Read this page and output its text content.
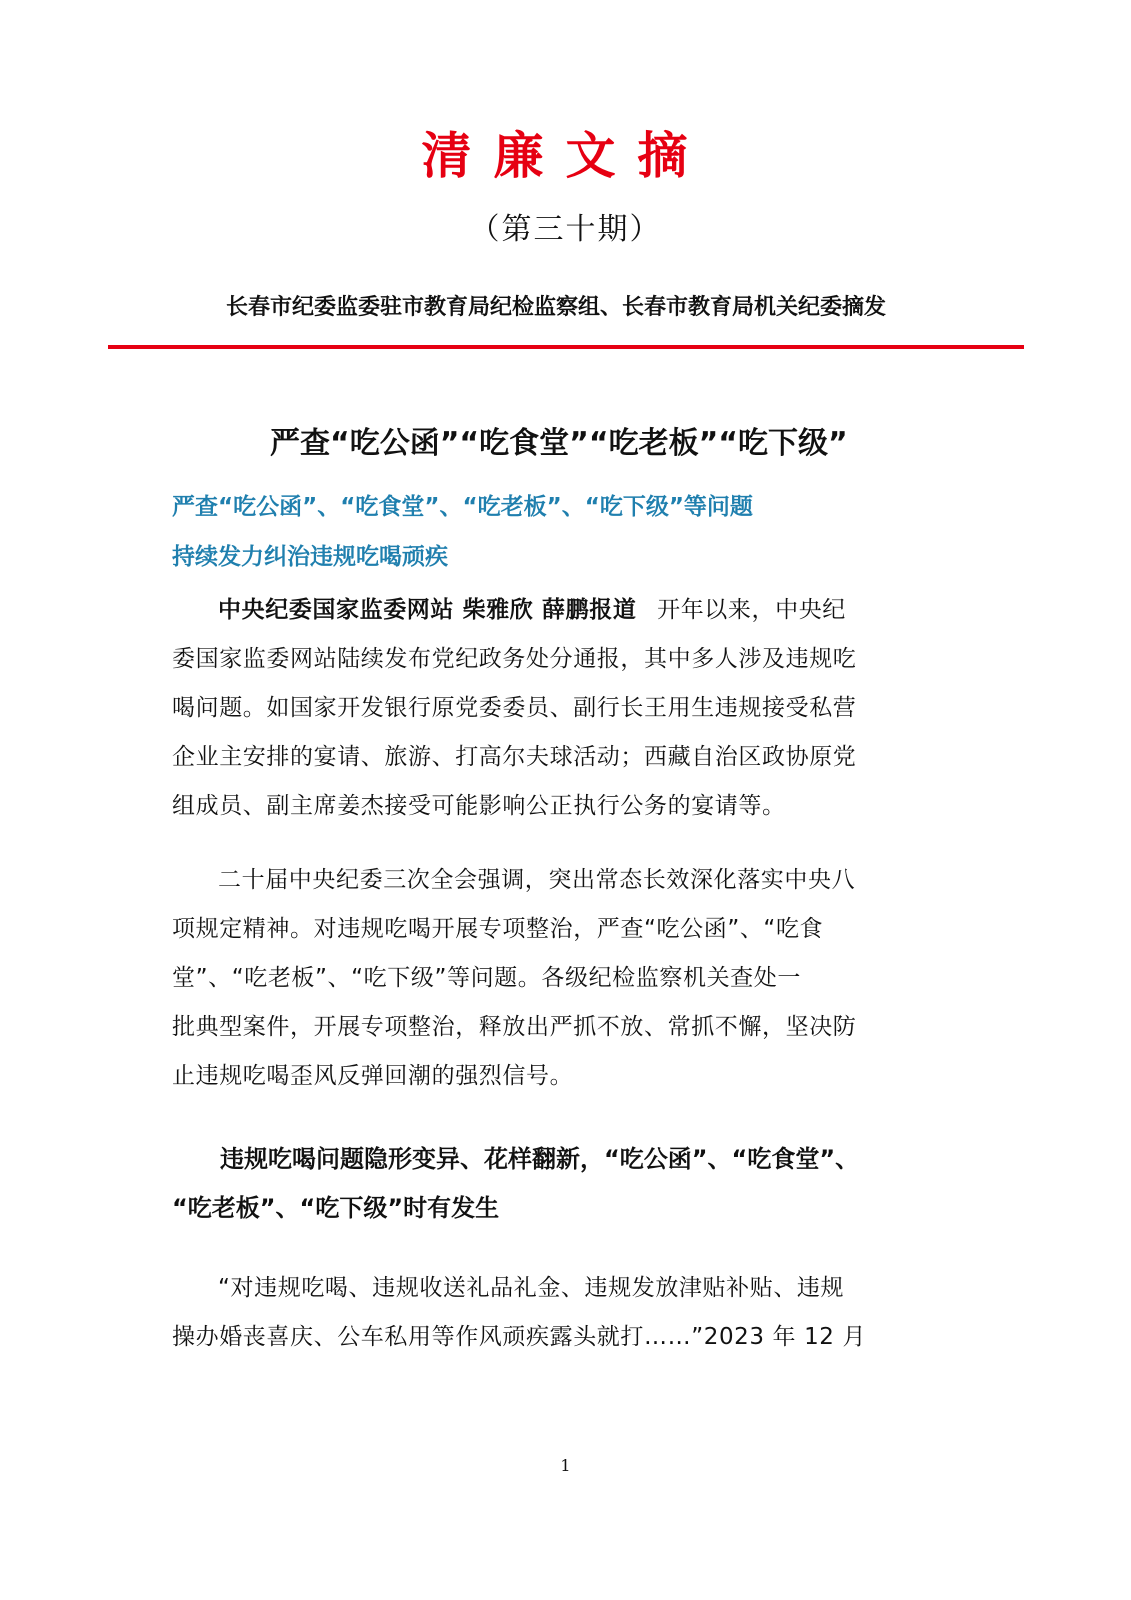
清廉文摘
（第三十期）
长春市纪委监委驻市教育局纪检监察组、长春市教育局机关纪委摘发
严查“吃公函”“吃食堂”“吃老板”“吃下级”
严查“吃公函”、“吃食堂”、“吃老板”、“吃下级”等问题
持续发力纠治违规吃喝顽疾
中央纪委国家监委网站 柴雅欣 薛鹏报道 开年以来，中央纪
委国家监委网站陆续发布党纪政务处分通报，其中多人涉及违规吃
喝问题。如国家开发银行原党委委员、副行长王用生违规接受私营
企业主安排的宴请、旅游、打高尔夫球活动；西藏自治区政协原党
组成员、副主席姜杰接受可能影响公正执行公务的宴请等。
二十届中央纪委三次全会强调，突出常态长效深化落实中央八
项规定精神。对违规吃喝开展专项整治，严查“吃公函”、“吃食
堂”、“吃老板”、“吃下级”等问题。各级纪检监察机关查处一
批典型案件，开展专项整治，释放出严抓不放、常抓不懈，坚决防
止违规吃喝歪风反弹回潮的强烈信号。
违规吃喝问题隐形变异、花样翻新，“吃公函”、“吃食堂”、
“吃老板”、“吃下级”时有发生
“对违规吃喝、违规收送礼品礼金、违规发放津贴补贴、违规
操办婚丧喜庆、公车私用等作风顽疾露头就打……”2023 年 12 月
1
